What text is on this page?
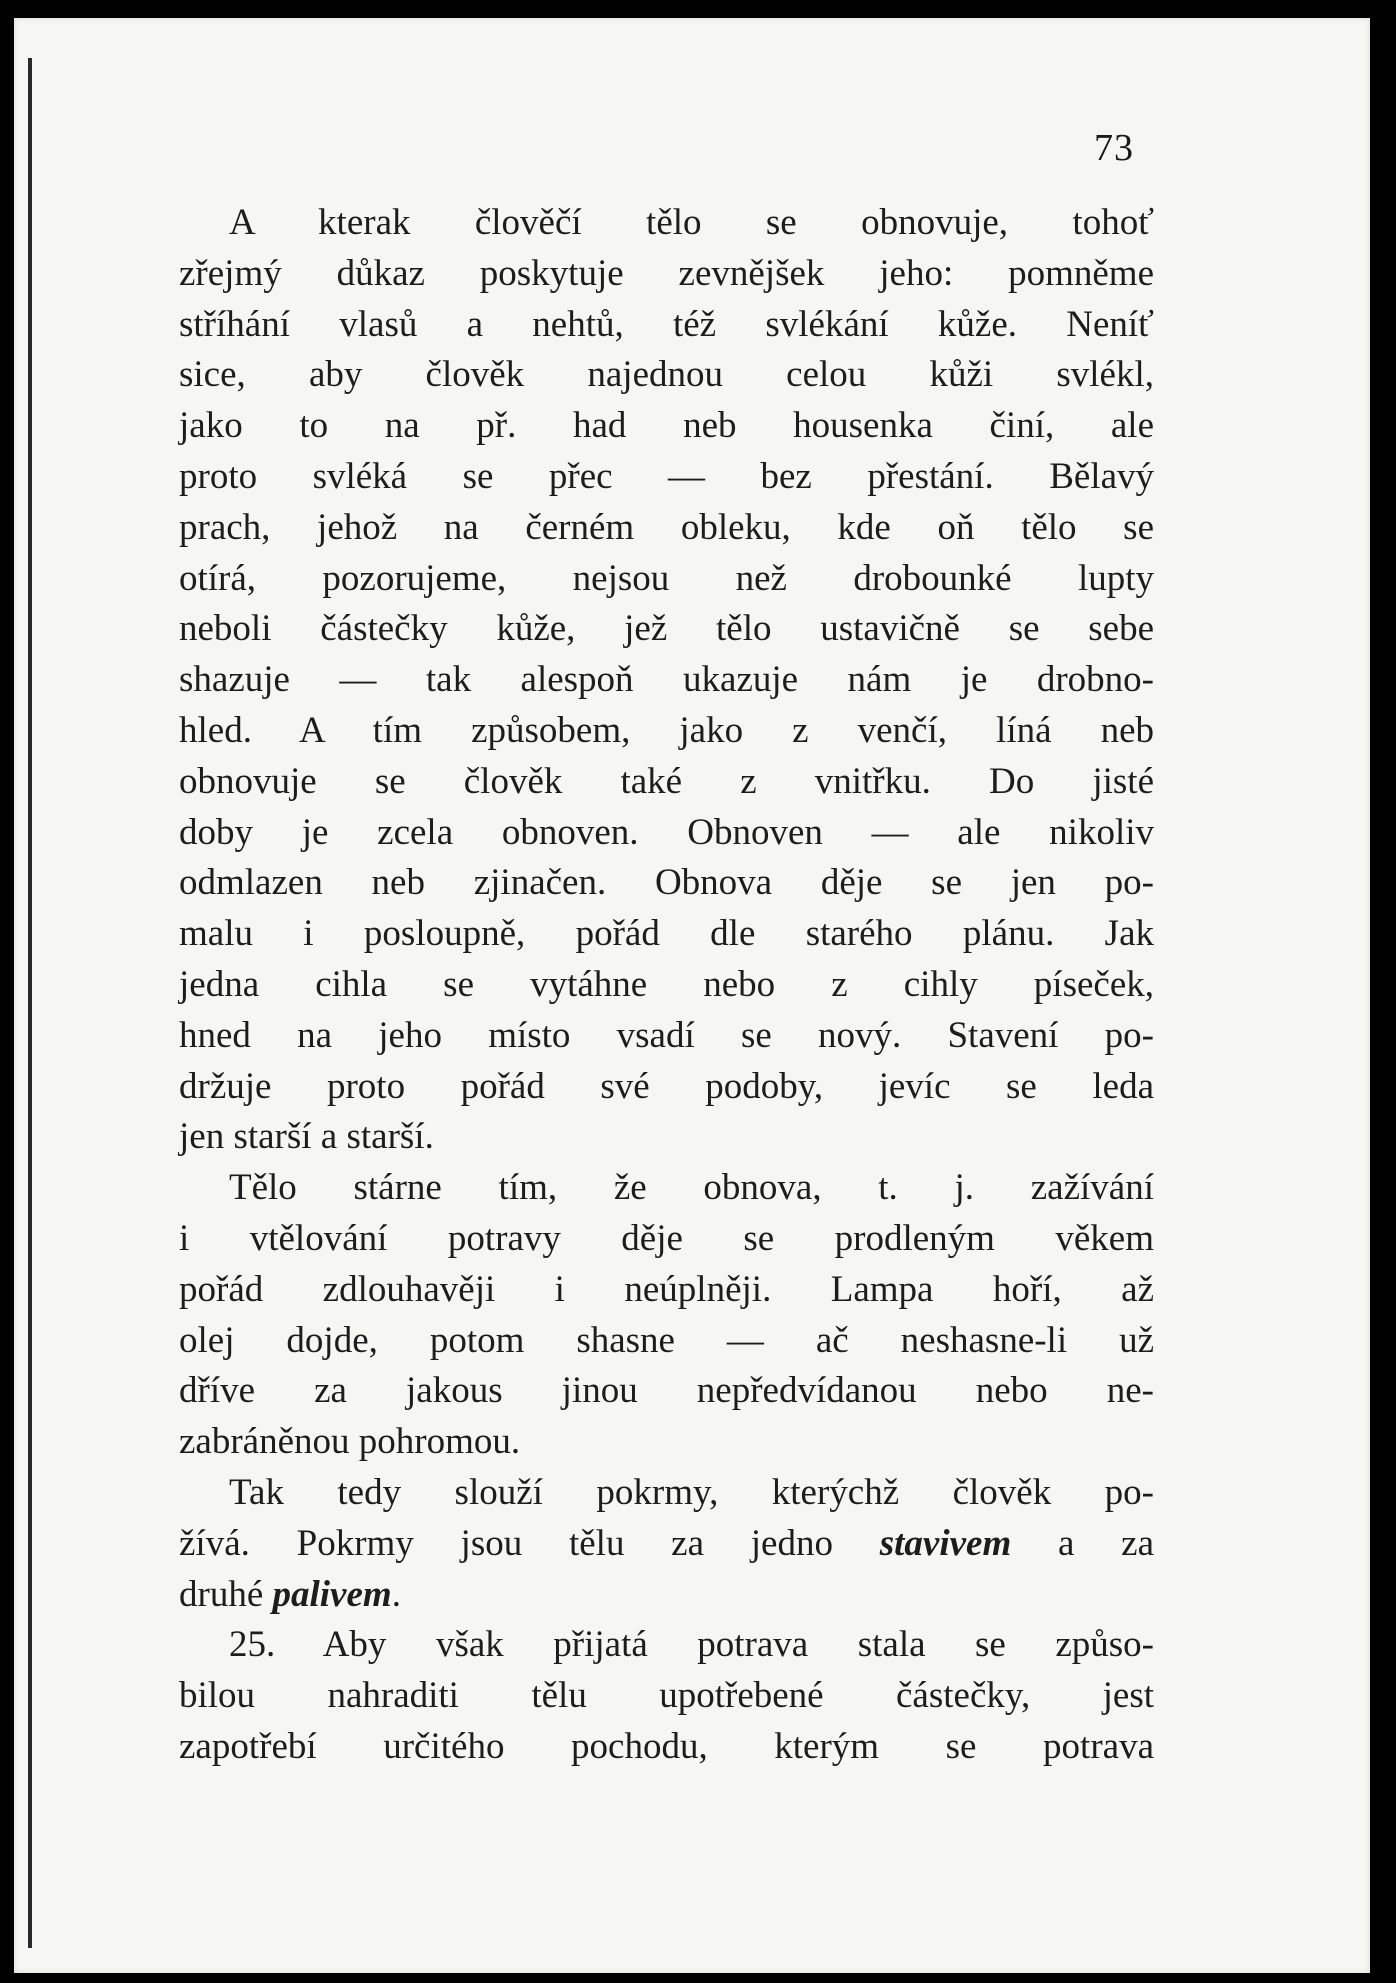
73
A kterak člověčí tělo se obnovuje, tohoť
zřejmý důkaz poskytuje zevnějšek jeho: pomněme
stříhání vlasů a nehtů, též svlékání kůže. Neníť
sice, aby člověk najednou celou kůži svlékl,
jako to na př. had neb housenka činí, ale
proto svléká se přec — bez přestání. Bělavý
prach, jehož na černém obleku, kde oň tělo se
otírá, pozorujeme, nejsou než drobounké lupty
neboli částečky kůže, jež tělo ustavičně se sebe
shazuje — tak alespoň ukazuje nám je drobno-
hled. A tím způsobem, jako z venčí, líná neb
obnovuje se člověk také z vnitřku. Do jisté
doby je zcela obnoven. Obnoven — ale nikoliv
odmlazen neb zjinačen. Obnova děje se jen po-
malu i posloupně, pořád dle starého plánu. Jak
jedna cihla se vytáhne nebo z cihly píseček,
hned na jeho místo vsadí se nový. Stavení po-
držuje proto pořád své podoby, jevíc se leda
jen starší a starší.
Tělo stárne tím, že obnova, t. j. zažívání
i vtělování potravy děje se prodleným věkem
pořád zdlouhavěji i neúplněji. Lampa hoří, až
olej dojde, potom shasne — ač neshasne-li už
dříve za jakous jinou nepředvídanou nebo ne-
zabráněnou pohromou.
Tak tedy slouží pokrmy, kterýchž člověk po-
žívá. Pokrmy jsou tělu za jedno stavivem a za
druhé palivem.
25. Aby však přijatá potrava stala se způso-
bilou nahraditi tělu upotřebené částečky, jest
zapotřebí určitého pochodu, kterým se potrava
